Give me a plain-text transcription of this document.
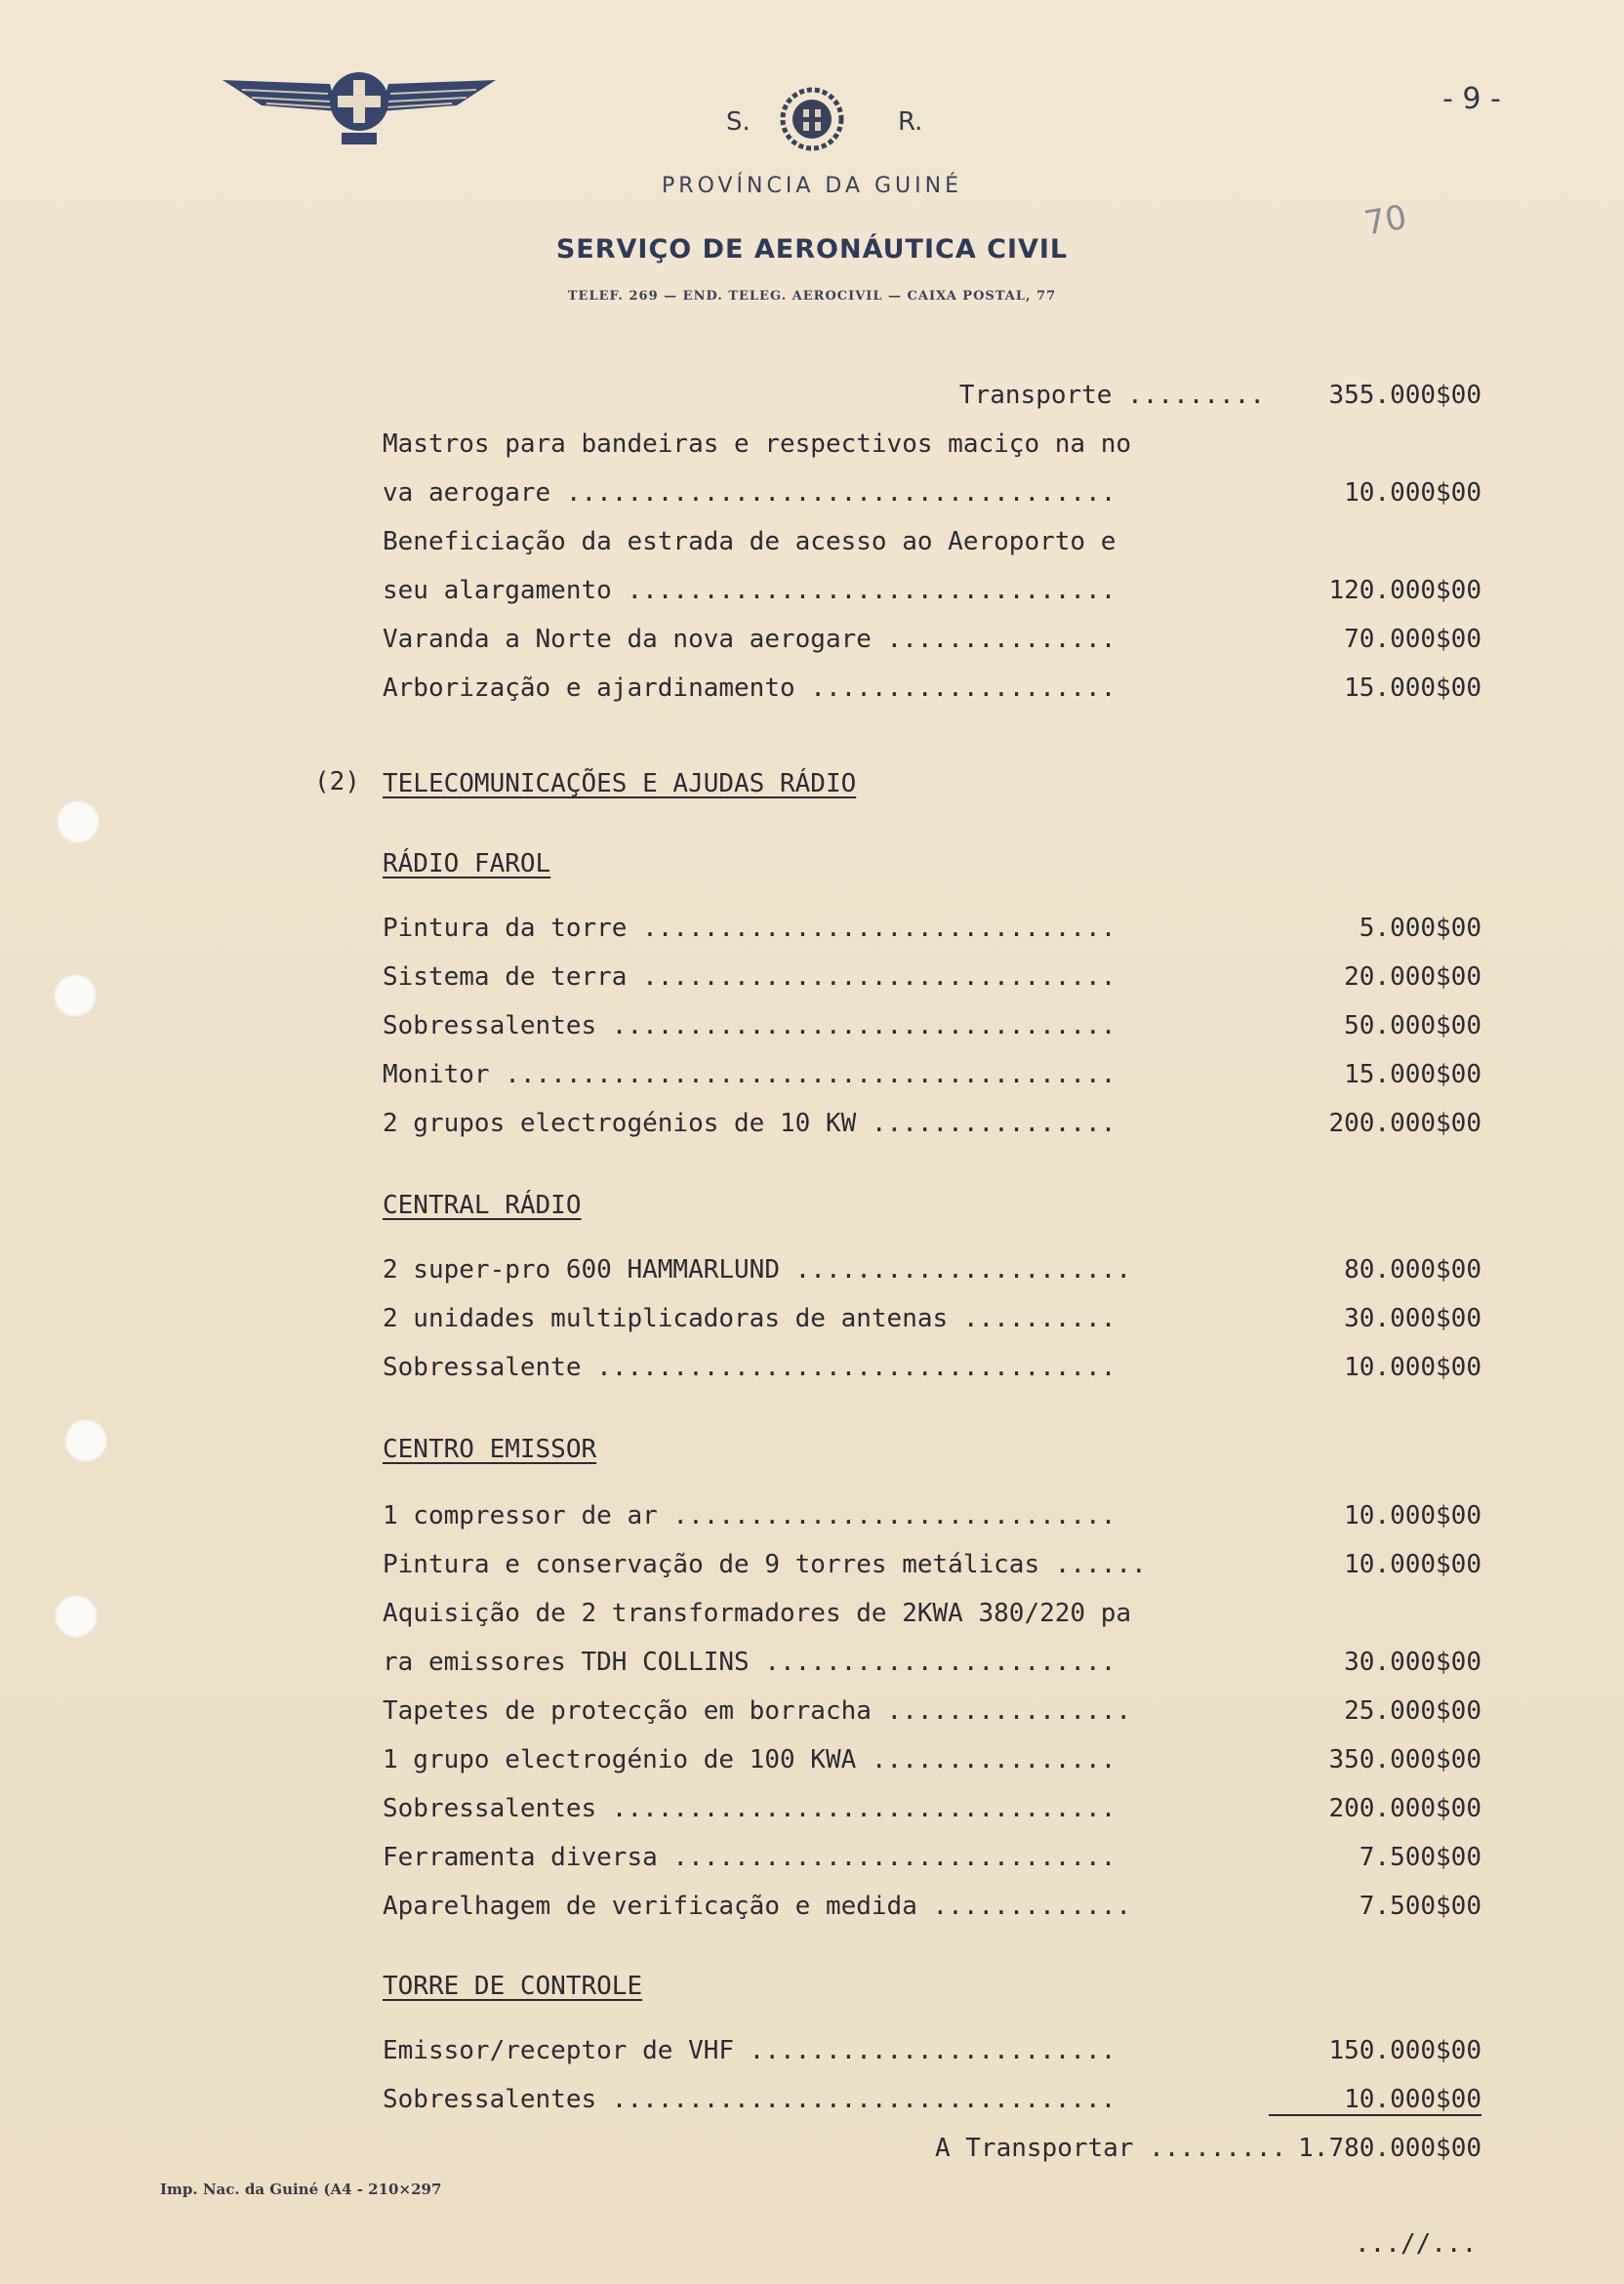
S.	R.
- 9 -
PROVÍNCIA DA GUINÉ
SERVIÇO DE AERONÁUTICA CIVIL
TELEF. 269 — END. TELEG. AEROCIVIL — CAIXA POSTAL, 77
70
Transporte .........	355.000$00
Mastros para bandeiras e respectivos maciço na no
va aerogare ....................................	10.000$00
Beneficiação da estrada de acesso ao Aeroporto e
seu alargamento ................................	120.000$00
Varanda a Norte da nova aerogare ...............	70.000$00
Arborização e ajardinamento ....................	15.000$00
(2) TELECOMUNICAÇÕES E AJUDAS RÁDIO
RÁDIO FAROL
Pintura da torre ...............................	5.000$00
Sistema de terra ...............................	20.000$00
Sobressalentes .................................	50.000$00
Monitor ........................................	15.000$00
2 grupos electrogénios de 10 KW ................	200.000$00
CENTRAL RÁDIO
2 super-pro 600 HAMMARLUND ......................	80.000$00
2 unidades multiplicadoras de antenas ..........	30.000$00
Sobressalente ..................................	10.000$00
CENTRO EMISSOR
1 compressor de ar .............................	10.000$00
Pintura e conservação de 9 torres metálicas ......	10.000$00
Aquisição de 2 transformadores de 2KWA 380/220 pa
ra emissores TDH COLLINS .......................	30.000$00
Tapetes de protecção em borracha ................	25.000$00
1 grupo electrogénio de 100 KWA ................	350.000$00
Sobressalentes .................................	200.000$00
Ferramenta diversa .............................	7.500$00
Aparelhagem de verificação e medida .............	7.500$00
TORRE DE CONTROLE
Emissor/receptor de VHF ........................	150.000$00
Sobressalentes .................................	10.000$00
A Transportar ......... 1.780.000$00
Imp. Nac. da Guiné (A4 - 210×297
...//...
